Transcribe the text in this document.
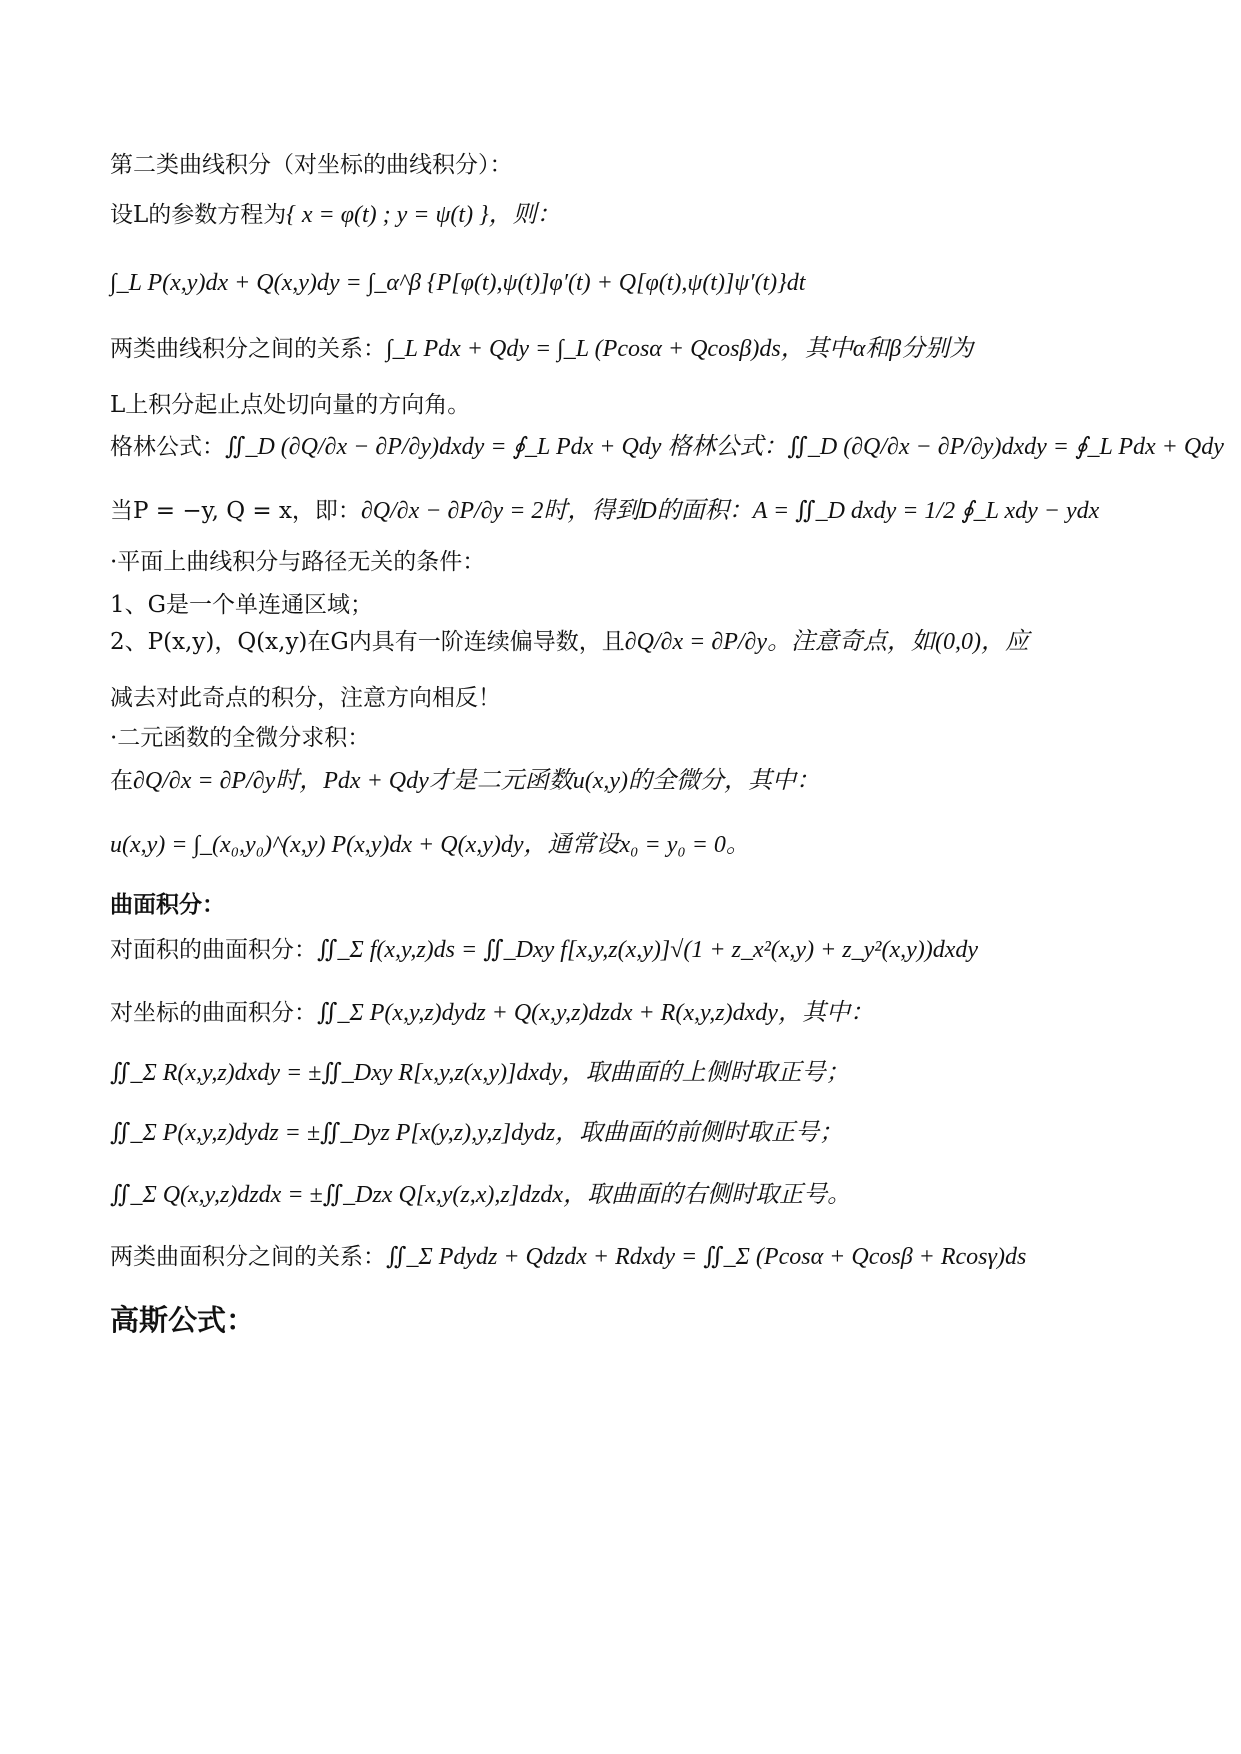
第二类曲线积分（对坐标的曲线积分）：
设L的参数方程为{ x = φ(t) ; y = ψ(t) }，则：
∫_L P(x,y)dx + Q(x,y)dy = ∫_α^β {P[φ(t),ψ(t)]φ′(t) + Q[φ(t),ψ(t)]ψ′(t)}dt
两类曲线积分之间的关系：∫_L Pdx + Qdy = ∫_L (Pcosα + Qcosβ)ds，其中α和β分别为
L上积分起止点处切向量的方向角。
格林公式：∬_D (∂Q/∂x − ∂P/∂y)dxdy = ∮_L Pdx + Qdy 格林公式：∬_D (∂Q/∂x − ∂P/∂y)dxdy = ∮_L Pdx + Qdy
当P = −y, Q = x，即：∂Q/∂x − ∂P/∂y = 2时，得到D的面积：A = ∬_D dxdy = 1/2 ∮_L xdy − ydx
·平面上曲线积分与路径无关的条件：
1、G是一个单连通区域；
2、P(x,y)，Q(x,y)在G内具有一阶连续偏导数，且∂Q/∂x = ∂P/∂y。注意奇点，如(0,0)，应
减去对此奇点的积分，注意方向相反！
·二元函数的全微分求积：
在∂Q/∂x = ∂P/∂y时，Pdx + Qdy才是二元函数u(x,y)的全微分，其中：
u(x,y) = ∫_(x₀,y₀)^(x,y) P(x,y)dx + Q(x,y)dy，通常设x₀ = y₀ = 0。
曲面积分：
对面积的曲面积分：∬_Σ f(x,y,z)ds = ∬_Dxy f[x,y,z(x,y)]√(1 + z_x²(x,y) + z_y²(x,y))dxdy
对坐标的曲面积分：∬_Σ P(x,y,z)dydz + Q(x,y,z)dzdx + R(x,y,z)dxdy，其中：
∬_Σ R(x,y,z)dxdy = ±∬_Dxy R[x,y,z(x,y)]dxdy，取曲面的上侧时取正号；
∬_Σ P(x,y,z)dydz = ±∬_Dyz P[x(y,z),y,z]dydz，取曲面的前侧时取正号；
∬_Σ Q(x,y,z)dzdx = ±∬_Dzx Q[x,y(z,x),z]dzdx，取曲面的右侧时取正号。
两类曲面积分之间的关系：∬_Σ Pdydz + Qdzdx + Rdxdy = ∬_Σ (Pcosα + Qcosβ + Rcosγ)ds
高斯公式：
